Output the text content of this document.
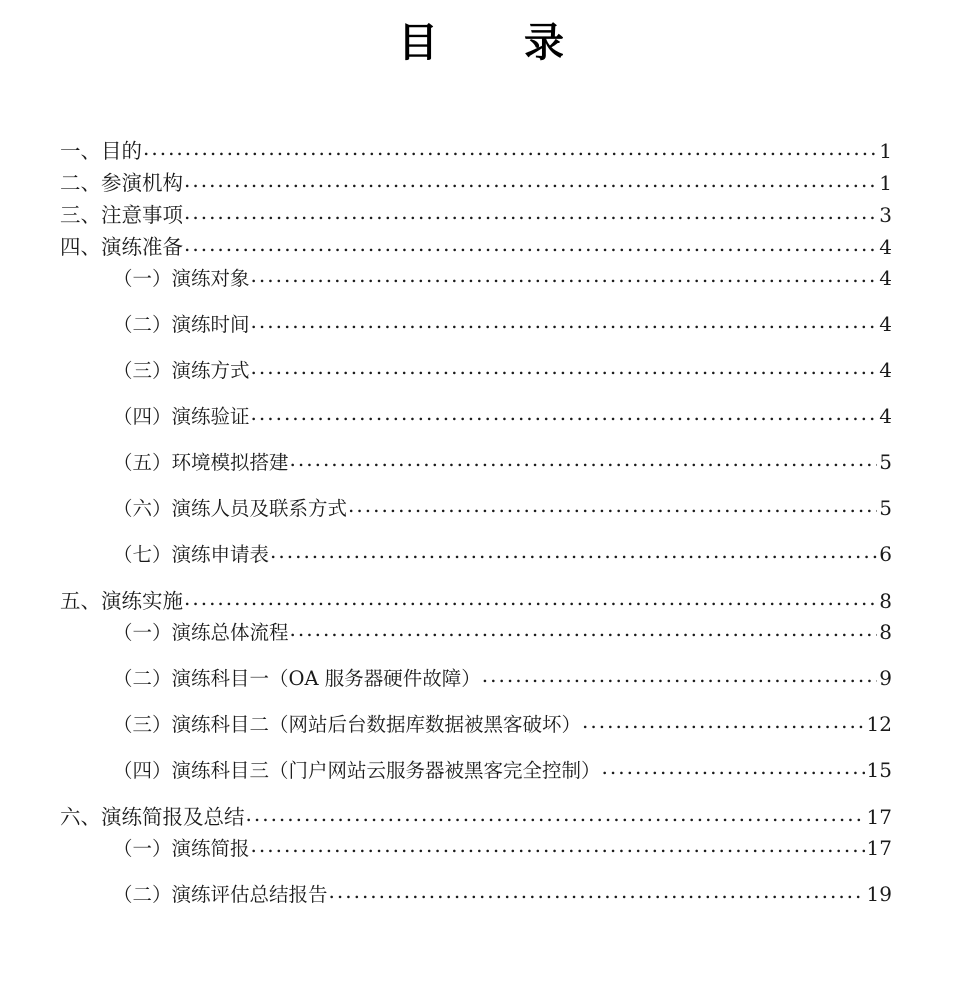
目　　录
一、目的 .....	1
二、参演机构 .....	1
三、注意事项 .....	3
四、演练准备 .....	4
（一）演练对象 .....	4
（二）演练时间 .....	4
（三）演练方式 .....	4
（四）演练验证 .....	4
（五）环境模拟搭建 .....	5
（六）演练人员及联系方式 .....	5
（七）演练申请表 .....	6
五、演练实施 .....	8
（一）演练总体流程 .....	8
（二）演练科目一（OA 服务器硬件故障） .....	9
（三）演练科目二（网站后台数据库数据被黑客破坏） .....	12
（四）演练科目三（门户网站云服务器被黑客完全控制） .....	15
六、演练简报及总结 .....	17
（一）演练简报 .....	17
（二）演练评估总结报告 .....	19
